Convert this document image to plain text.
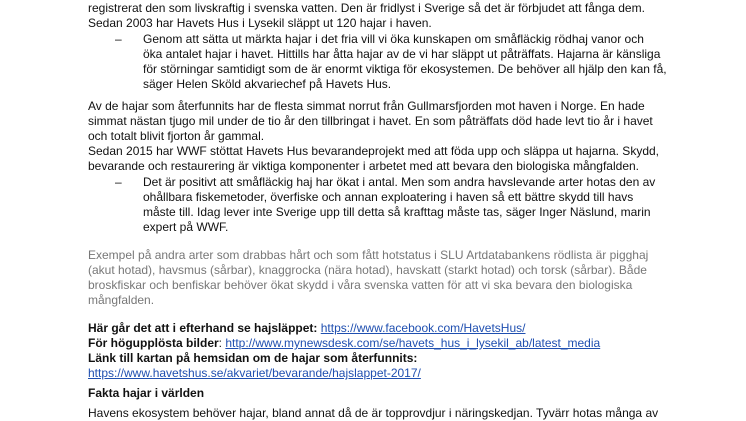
registrerat den som livskraftig i svenska vatten. Den är fridlyst i Sverige så det är förbjudet att fånga dem.
Sedan 2003 har Havets Hus i Lysekil släppt ut 120 hajar i haven.
– Genom att sätta ut märkta hajar i det fria vill vi öka kunskapen om småfläckig rödhaj vanor och
öka antalet hajar i havet. Hittills har åtta hajar av de vi har släppt ut påträffats. Hajarna är känsliga
för störningar samtidigt som de är enormt viktiga för ekosystemen. De behöver all hjälp den kan få,
säger Helen Sköld akvariechef på Havets Hus.
Av de hajar som återfunnits har de flesta simmat norrut från Gullmarsfjorden mot haven i Norge. En hade
simmat nästan tjugo mil under de tio år den tillbringat i havet. En som påträffats död hade levt tio år i havet
och totalt blivit fjorton år gammal.
Sedan 2015 har WWF stöttat Havets Hus bevarandeprojekt med att föda upp och släppa ut hajarna. Skydd,
bevarande och restaurering är viktiga komponenter i arbetet med att bevara den biologiska mångfalden.
– Det är positivt att småfläckig haj har ökat i antal. Men som andra havslevande arter hotas den av
ohållbara fiskemetoder, överfiske och annan exploatering i haven så ett bättre skydd till havs
måste till. Idag lever inte Sverige upp till detta så krafttag måste tas, säger Inger Näslund, marin
expert på WWF.
Exempel på andra arter som drabbas hårt och som fått hotstatus i SLU Artdatabankens rödlista är pigghaj
(akut hotad), havsmus (sårbar), knaggrocka (nära hotad), havskatt (starkt hotad) och torsk (sårbar). Både
broskfiskar och benfiskar behöver ökat skydd i våra svenska vatten för att vi ska bevara den biologiska
mångfalden.
Här går det att i efterhand se hajsläppet: https://www.facebook.com/HavetsHus/
För högupplösta bilder: http://www.mynewsdesk.com/se/havets_hus_i_lysekil_ab/latest_media
Länk till kartan på hemsidan om de hajar som återfunnits:
https://www.havetshus.se/akvariet/bevarande/hajslappet-2017/
Fakta hajar i världen
Havens ekosystem behöver hajar, bland annat då de är topprovdjur i näringskedjan. Tyvärr hotas många av
